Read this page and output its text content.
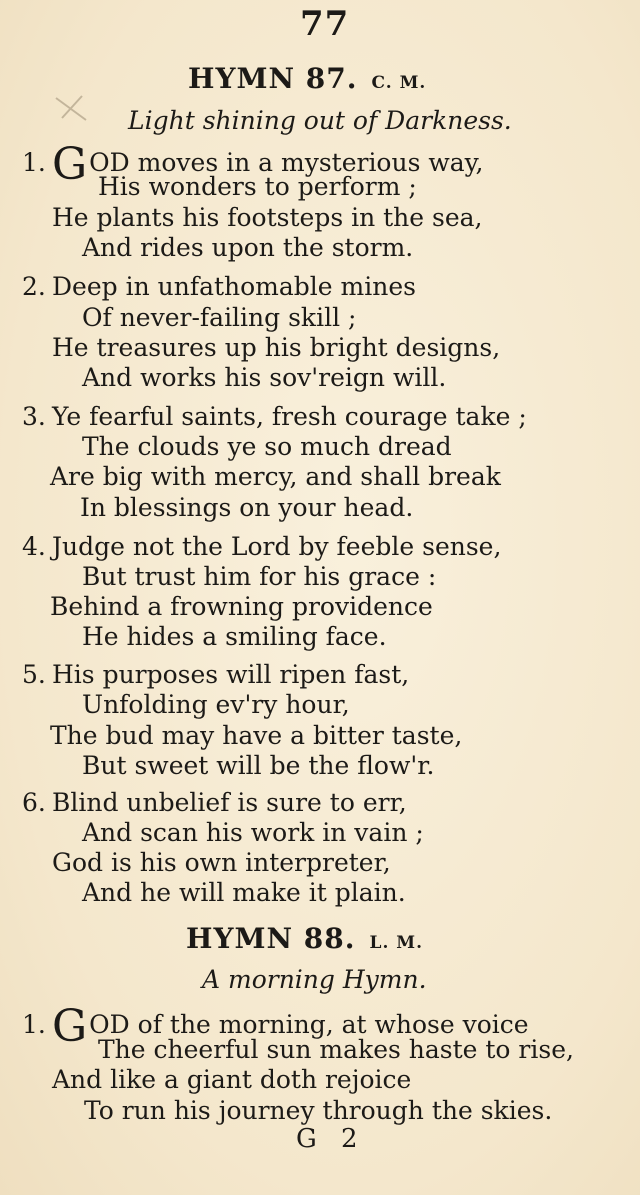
77
HYMN 87. C. M.
Light shining out of Darkness.
1. GOD moves in a mysterious way,
His wonders to perform ;
He plants his footsteps in the sea,
And rides upon the storm.
2. Deep in unfathomable mines
Of never-failing skill ;
He treasures up his bright designs,
And works his sov'reign will.
3. Ye fearful saints, fresh courage take ;
The clouds ye so much dread
Are big with mercy, and shall break
In blessings on your head.
4. Judge not the Lord by feeble sense,
But trust him for his grace :
Behind a frowning providence
He hides a smiling face.
5. His purposes will ripen fast,
Unfolding ev'ry hour,
The bud may have a bitter taste,
But sweet will be the flow'r.
6. Blind unbelief is sure to err,
And scan his work in vain ;
God is his own interpreter,
And he will make it plain.
HYMN 88. L. M.
A morning Hymn.
1. GOD of the morning, at whose voice
The cheerful sun makes haste to rise,
And like a giant doth rejoice
To run his journey through the skies.
G 2
